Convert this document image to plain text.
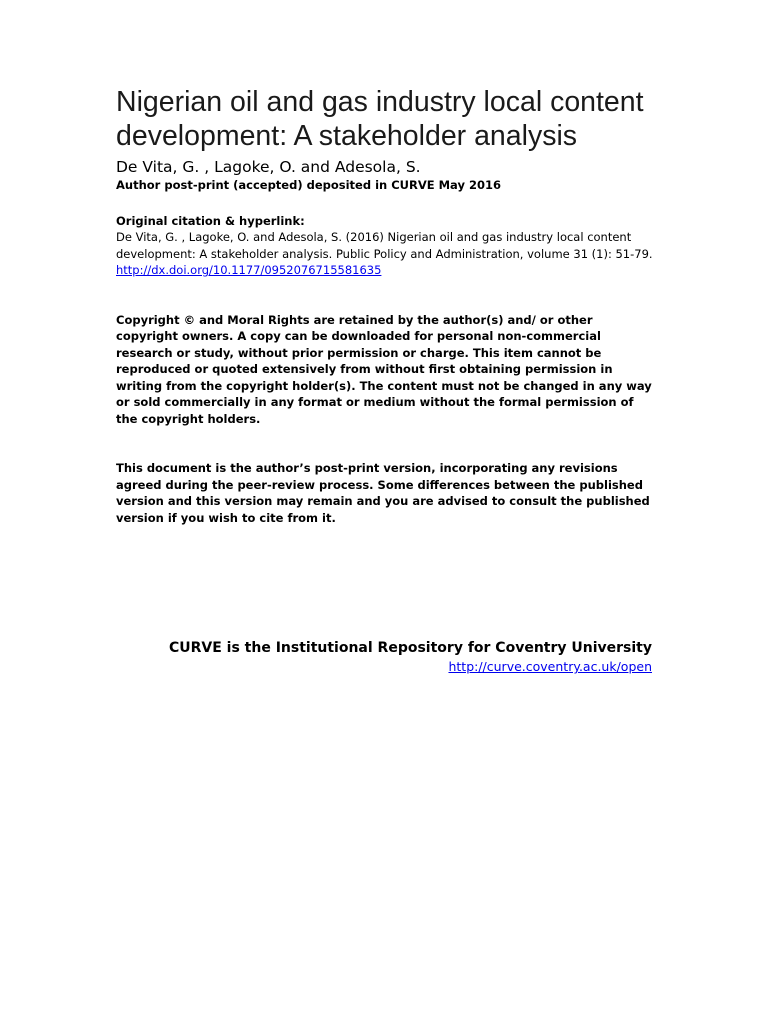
Nigerian oil and gas industry local content development: A stakeholder analysis

De Vita, G. , Lagoke, O. and Adesola, S.

Author post-print (accepted) deposited in CURVE May 2016

Original citation & hyperlink:

De Vita, G. , Lagoke, O. and Adesola, S. (2016) Nigerian oil and gas industry local content development: A stakeholder analysis. Public Policy and Administration, volume 31 (1): 51-79. http://dx.doi.org/10.1177/0952076715581635

Copyright © and Moral Rights are retained by the author(s) and/ or other copyright owners. A copy can be downloaded for personal non-commercial research or study, without prior permission or charge. This item cannot be reproduced or quoted extensively from without first obtaining permission in writing from the copyright holder(s). The content must not be changed in any way or sold commercially in any format or medium without the formal permission of the copyright holders.

This document is the author’s post-print version, incorporating any revisions agreed during the peer-review process. Some differences between the published version and this version may remain and you are advised to consult the published version if you wish to cite from it.

CURVE is the Institutional Repository for Coventry University

http://curve.coventry.ac.uk/open
